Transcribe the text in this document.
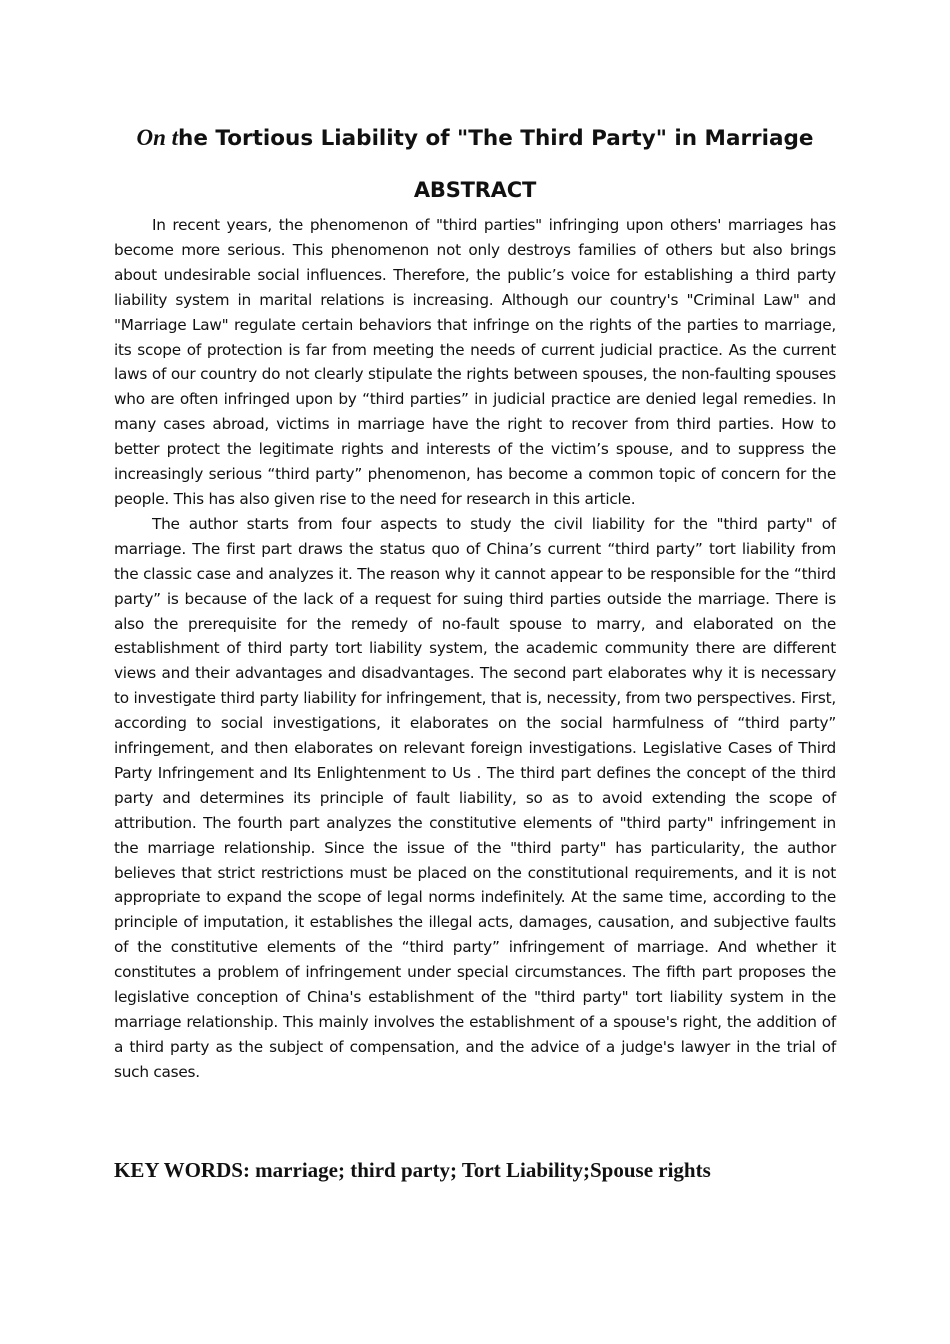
On the Tortious Liability of "The Third Party" in Marriage
ABSTRACT

In recent years, the phenomenon of "third parties" infringing upon others' marriages has become more serious. This phenomenon not only destroys families of others but also brings about undesirable social influences. Therefore, the public’s voice for establishing a third party liability system in marital relations is increasing. Although our country's "Criminal Law" and "Marriage Law" regulate certain behaviors that infringe on the rights of the parties to marriage, its scope of protection is far from meeting the needs of current judicial practice. As the current laws of our country do not clearly stipulate the rights between spouses, the non-faulting spouses who are often infringed upon by “third parties” in judicial practice are denied legal remedies. In many cases abroad, victims in marriage have the right to recover from third parties. How to better protect the legitimate rights and interests of the victim’s spouse, and to suppress the increasingly serious “third party” phenomenon, has become a common topic of concern for the people. This has also given rise to the need for research in this article.

The author starts from four aspects to study the civil liability for the "third party" of marriage. The first part draws the status quo of China’s current “third party” tort liability from the classic case and analyzes it. The reason why it cannot appear to be responsible for the “third party” is because of the lack of a request for suing third parties outside the marriage. There is also the prerequisite for the remedy of no-fault spouse to marry, and elaborated on the establishment of third party tort liability system, the academic community there are different views and their advantages and disadvantages. The second part elaborates why it is necessary to investigate third party liability for infringement, that is, necessity, from two perspectives. First, according to social investigations, it elaborates on the social harmfulness of “third party” infringement, and then elaborates on relevant foreign investigations. Legislative Cases of Third Party Infringement and Its Enlightenment to Us . The third part defines the concept of the third party and determines its principle of fault liability, so as to avoid extending the scope of attribution. The fourth part analyzes the constitutive elements of "third party" infringement in the marriage relationship. Since the issue of the "third party" has particularity, the author believes that strict restrictions must be placed on the constitutional requirements, and it is not appropriate to expand the scope of legal norms indefinitely. At the same time, according to the principle of imputation, it establishes the illegal acts, damages, causation, and subjective faults of the constitutive elements of the “third party” infringement of marriage. And whether it constitutes a problem of infringement under special circumstances. The fifth part proposes the legislative conception of China's establishment of the "third party" tort liability system in the marriage relationship. This mainly involves the establishment of a spouse's right, the addition of a third party as the subject of compensation, and the advice of a judge's lawyer in the trial of such cases.

KEY WORDS: marriage; third party; Tort Liability;Spouse rights
